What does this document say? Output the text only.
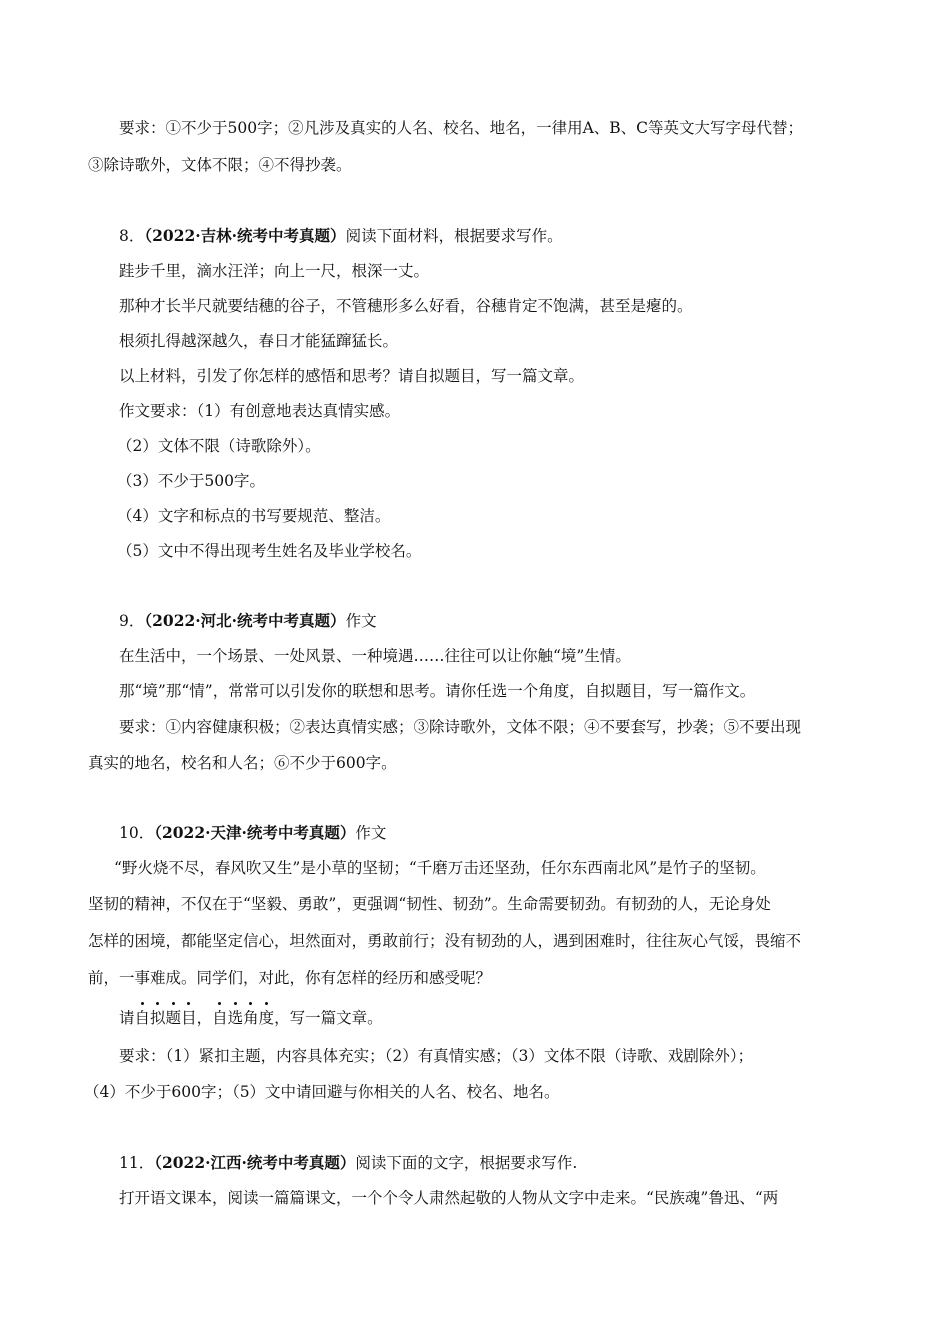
要求：①不少于500字；②凡涉及真实的人名、校名、地名，一律用A、B、C等英文大写字母代替；
③除诗歌外，文体不限；④不得抄袭。
8．（2022·吉林·统考中考真题）阅读下面材料，根据要求写作。
跬步千里，滴水汪洋；向上一尺，根深一丈。
那种才长半尺就要结穗的谷子，不管穗形多么好看，谷穗肯定不饱满，甚至是瘪的。
根须扎得越深越久，春日才能猛蹿猛长。
以上材料，引发了你怎样的感悟和思考？请自拟题目，写一篇文章。
作文要求：（1）有创意地表达真情实感。
（2）文体不限（诗歌除外）。
（3）不少于500字。
（4）文字和标点的书写要规范、整洁。
（5）文中不得出现考生姓名及毕业学校名。
9．（2022·河北·统考中考真题）作文
在生活中，一个场景、一处风景、一种境遇……往往可以让你触“境”生情。
那“境”那“情”，常常可以引发你的联想和思考。请你任选一个角度，自拟题目，写一篇作文。
要求：①内容健康积极；②表达真情实感；③除诗歌外，文体不限；④不要套写，抄袭；⑤不要出现
真实的地名，校名和人名；⑥不少于600字。
10．（2022·天津·统考中考真题）作文
“野火烧不尽，春风吹又生”是小草的坚韧；“千磨万击还坚劲，任尔东西南北风”是竹子的坚韧。
坚韧的精神，不仅在于“坚毅、勇敢”，更强调“韧性、韧劲”。生命需要韧劲。有韧劲的人，无论身处
怎样的困境，都能坚定信心，坦然面对，勇敢前行；没有韧劲的人，遇到困难时，往往灰心气馁，畏缩不
前，一事难成。同学们，对此，你有怎样的经历和感受呢？
请自拟题目，自选角度，写一篇文章。
要求：（1）紧扣主题，内容具体充实；（2）有真情实感；（3）文体不限（诗歌、戏剧除外）；
（4）不少于600字；（5）文中请回避与你相关的人名、校名、地名。
11．（2022·江西·统考中考真题）阅读下面的文字，根据要求写作.
打开语文课本，阅读一篇篇课文，一个个令人肃然起敬的人物从文字中走来。“民族魂”鲁迅、“两
